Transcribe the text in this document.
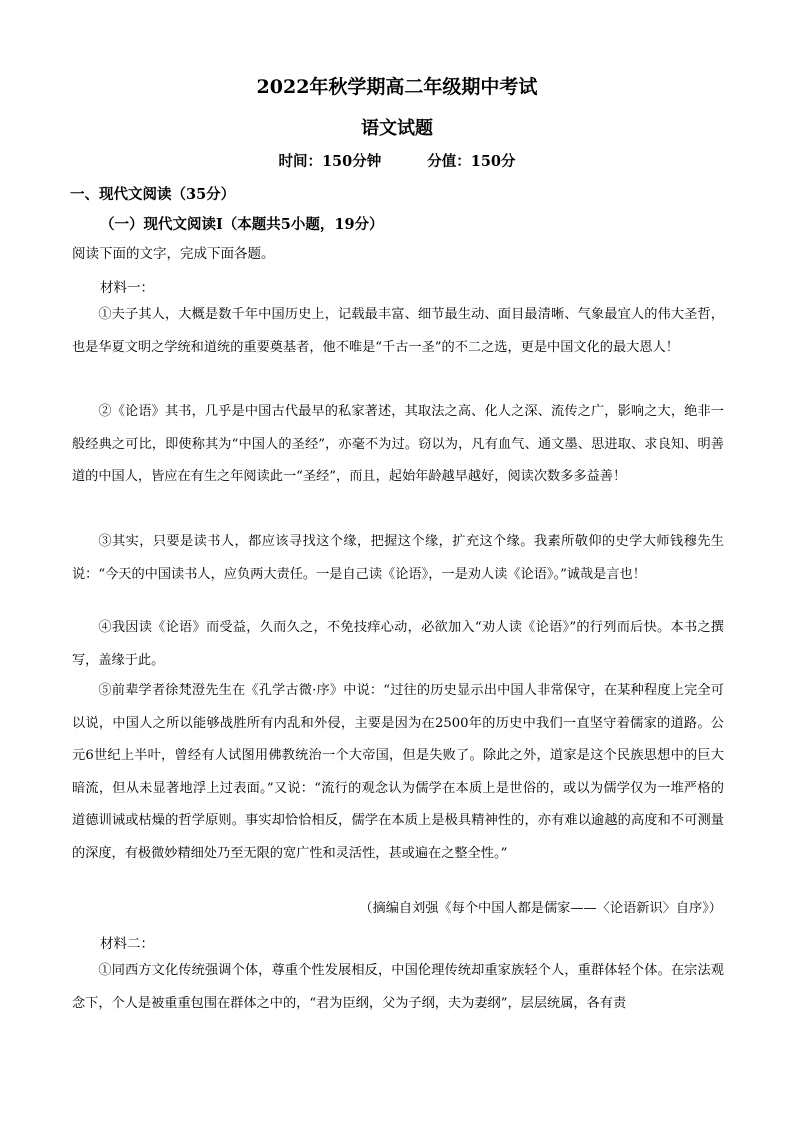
2022年秋学期高二年级期中考试
语文试题
时间：150分钟	分值：150分
一、现代文阅读（35分）
（一）现代文阅读Ⅰ（本题共5小题，19分）
阅读下面的文字，完成下面各题。
材料一：

①夫子其人，大概是数千年中国历史上，记载最丰富、细节最生动、面目最清晰、气象最宜人的伟大圣哲，也是华夏文明之学统和道统的重要奠基者，他不唯是“千古一圣”的不二之选，更是中国文化的最大恩人！

②《论语》其书，几乎是中国古代最早的私家著述，其取法之高、化人之深、流传之广，影响之大，绝非一般经典之可比，即使称其为“中国人的圣经”，亦毫不为过。窃以为，凡有血气、通文墨、思进取、求良知、明善道的中国人，皆应在有生之年阅读此一“圣经”，而且，起始年龄越早越好，阅读次数多多益善！

③其实，只要是读书人，都应该寻找这个缘，把握这个缘，扩充这个缘。我素所敬仰的史学大师钱穆先生说：“今天的中国读书人，应负两大责任。一是自己读《论语》，一是劝人读《论语》。”诚哉是言也！

④我因读《论语》而受益，久而久之，不免技痒心动，必欲加入“劝人读《论语》”的行列而后快。本书之撰写，盖缘于此。

⑤前辈学者徐梵澄先生在《孔学古微·序》中说：“过往的历史显示出中国人非常保守，在某种程度上完全可以说，中国人之所以能够战胜所有内乱和外侵，主要是因为在2500年的历史中我们一直坚守着儒家的道路。公元6世纪上半叶，曾经有人试图用佛教统治一个大帝国，但是失败了。除此之外，道家是这个民族思想中的巨大暗流，但从未显著地浮上过表面。”又说：“流行的观念认为儒学在本质上是世俗的，或以为儒学仅为一堆严格的道德训诫或枯燥的哲学原则。事实却恰恰相反，儒学在本质上是极具精神性的，亦有难以逾越的高度和不可测量的深度，有极微妙精细处乃至无限的宽广性和灵活性，甚或遍在之整全性。”

（摘编自刘强《每个中国人都是儒家——〈论语新识〉自序》）
材料二：

①同西方文化传统强调个体，尊重个性发展相反，中国伦理传统却重家族轻个人，重群体轻个体。在宗法观念下，个人是被重重包围在群体之中的，“君为臣纲，父为子纲，夫为妻纲”，层层统属，各有责
